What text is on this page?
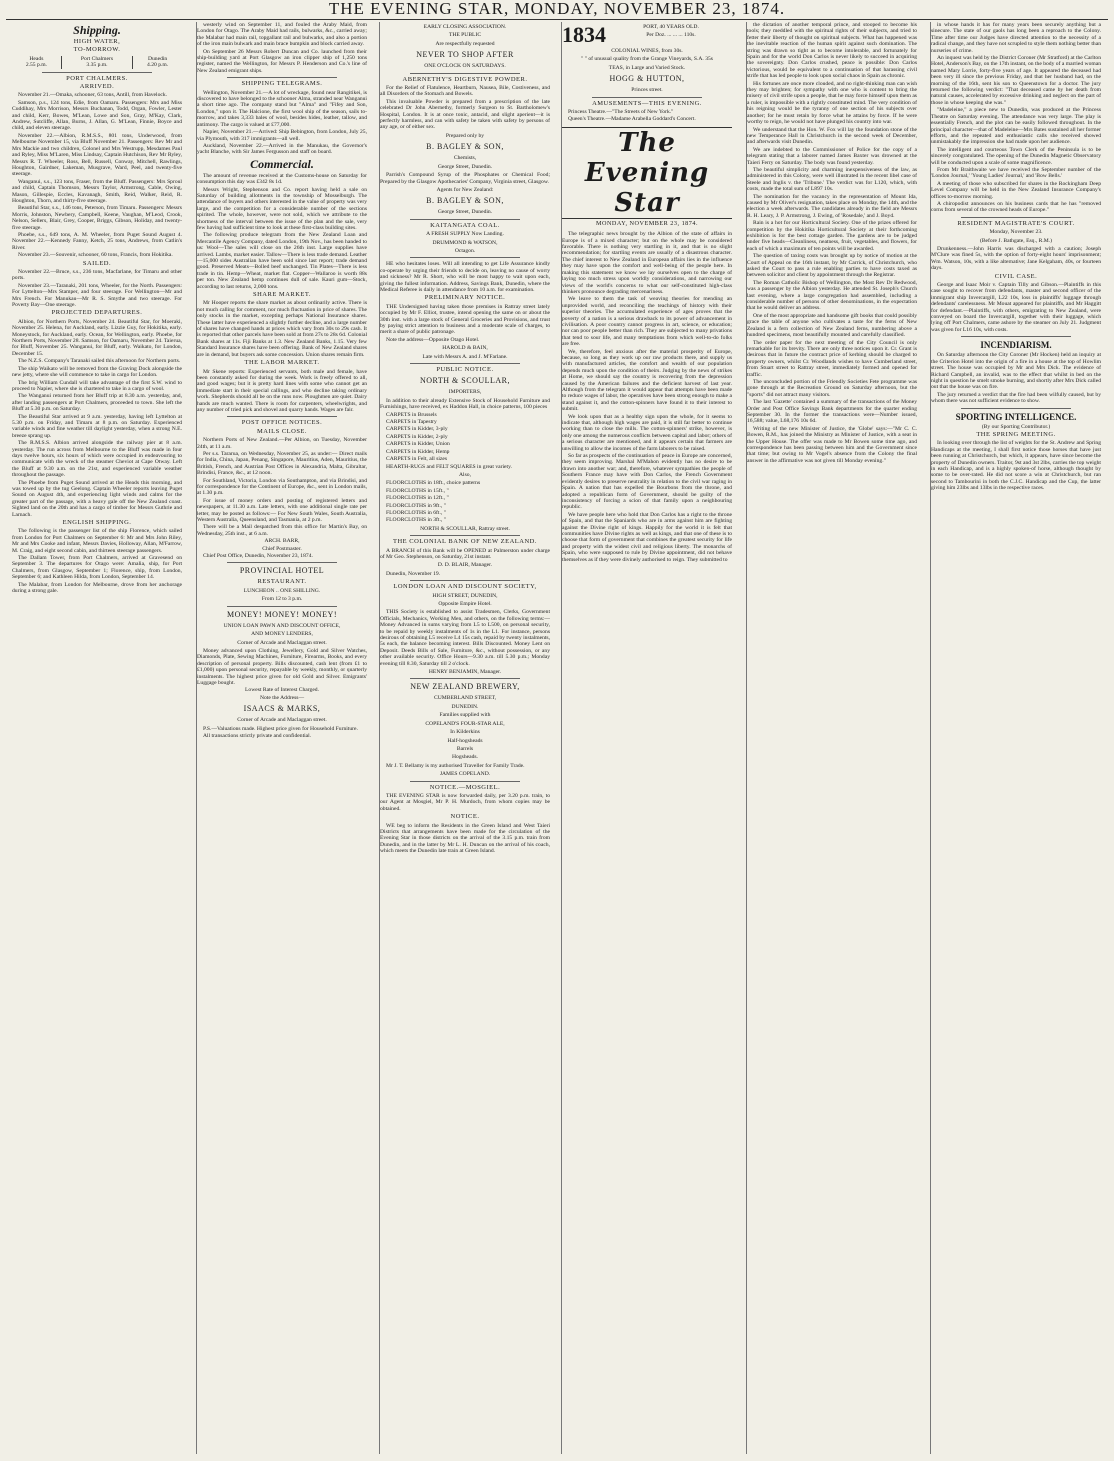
THE EVENING STAR, MONDAY, NOVEMBER 23, 1874.
Shipping.
HIGH WATER,
TO-MORROW.
Heads	Port Chalmers	Dunedin
2.55 p.m.	3.35 p.m.	4.20 p.m.
PORT CHALMERS.
ARRIVED.

November 21.—Omaka, schooner, 63 tons, Antill, from Havelock.

Samson, p.s., 124 tons, Edie, from Oamaru. Passengers: Mrs and Miss Cuddihay, Mrs Morrison, Messrs Buchanan, Todd, Organ, Fowler, Lester and child, Kerr, Bowes, M'Lean, Lowe and Son, Gray, M'Kay, Clark, Andrew, Sutcliffe, Allan, Burns, J. Allan, G. M'Lean, Finnie, Boyce and child, and eleven steerage.

November 22.—Albion, R.M.S.S., 801 tons, Underwood, from Melbourne November 15, via Bluff November 21. Passengers: Rev Mr and Mrs Mackie and two children, Colonel and Mrs Westrupp, Mesdames Paul and Ryley, Miss M'Laren, Miss Lindsay, Captain Hutchison, Rev Mr Ryley, Messrs R. T. Wheeler, Ross, Bell, Russell, Conway, Mitchell, Rawlings, Houghton, Gairdner, Lakeman, Musgrave, Ward, Peel, and twenty-five steerage.

Wanganui, s.s., 123 tons, Fraser, from the Bluff. Passengers: Mrs Sproul and child, Captain Thomson, Messrs Taylor, Armstrong, Cable, Owing, Mason, Gillespie, Eccles, Kavanagh, Smith, Reid, Walker, Reid, R. Houghton, Thorn, and thirty-five steerage.

Beautiful Star, s.s., 146 tons, Peterson, from Timaru. Passengers: Messrs Morris, Johnston, Newbery, Campbell, Keene, Vaughan, M'Leod, Crook, Nelson, Sellers, Blair, Grey, Cooper, Briggs, Gibson, Holiday, and twenty-five steerage.

Phoebe, s.s., 649 tons, A. M. Wheeler, from Puget Sound August 4. November 22.—Kennedy Fanny, Ketch, 25 tons, Andrews, from Catlin's River.

November 23.—Souvenir, schooner, 60 tons, Francis, from Hokitika.

SAILED.

November 22.—Bruce, s.s., 236 tons, Macfarlane, for Timaru and other ports.

November 23.—Taranaki, 201 tons, Wheeler, for the North. Passengers: For Lyttelton—Mrs Stamper, and four steerage. For Wellington—Mr and Mrs French. For Manukau—Mr R. S. Smythe and two steerage. For Poverty Bay—One steerage.

PROJECTED DEPARTURES.

Albion, for Northern Ports, November 24. Beautiful Star, for Moeraki, November 25. Helena, for Auckland, early. Lizzie Guy, for Hokitika, early. Moneystock, for Auckland, early. Ocean, for Wellington, early. Phoebe, for Northern Ports, November 28. Samson, for Oamaru, November 24. Taierua, for Bluff, November 25. Wanganui, for Bluff, early. Waikato, for London, December 15.

The N.Z.S. Company's Taranaki sailed this afternoon for Northern ports.

The ship Waikato will be removed from the Graving Dock alongside the new jetty, where she will commence to take in cargo for London.

The brig William Cundall will take advantage of the first S.W. wind to proceed to Napier, where she is chartered to take in a cargo of wool.

The Wanganui returned from her Bluff trip at 8.30 a.m. yesterday, and, after landing passengers at Port Chalmers, proceeded to town. She left the Bluff at 5.30 p.m. on Saturday.

The Beautiful Star arrived at 9 a.m. yesterday, having left Lyttelton at 5.30 p.m. on Friday, and Timaru at 8 p.m. on Saturday. Experienced variable winds and fine weather till daylight yesterday, when a strong N.E. breeze sprang up.

The R.M.S.S. Albion arrived alongside the railway pier at 8 a.m. yesterday. The run across from Melbourne to the Bluff was made in four days twelve hours, six hours of which were occupied in endeavouring to communicate with the wreck of the steamer Cheviot at Cape Otway. Left the Bluff at 9.30 a.m. on the 21st, and experienced variable weather throughout the passage.

The Phoebe from Puget Sound arrived at the Heads this morning, and was towed up by the tug Geelong. Captain Wheeler reports leaving Puget Sound on August 4th, and experiencing light winds and calms for the greater part of the passage, with a heavy gale off the New Zealand coast. Sighted land on the 20th and has a cargo of timber for Messrs Guthrie and Larnach.

ENGLISH SHIPPING.

The following is the passenger list of the ship Florence, which sailed from London for Port Chalmers on September 6: Mr and Mrs John Riley, Mr and Mrs Cooke and infant, Messrs Davies, Holloway, Allan, M'Farrow, M. Craig, and eight second cabin, and thirteen steerage passengers.

The Dallam Tower, from Port Chalmers, arrived at Gravesend on September 3. The departures for Otago were: Amalia, ship, for Port Chalmers, from Glasgow, September 1; Florence, ship, from London, September 6; and Kathleen Hilda, from London, September 14.

The Malabar, from London for Melbourne, drove from her anchorage during a strong gale.

westerly wind on September 11, and fouled the Araby Maid, from London for Otago. The Araby Maid had rails, bulwarks, &c., carried away; the Malabar had main rail, topgallant rail and bulwarks, and also a portion of the iron main bulwark and main brace bumpkin and block carried away.

On September 26 Messrs Robert Duncan and Co. launched from their ship-building yard at Port Glasgow an iron clipper ship of 1,250 tons register, named the Wellington, for Messrs P. Henderson and Co.'s line of New Zealand emigrant ships.

SHIPPING TELEGRAMS.

Wellington, November 21.—A lot of wreckage, found near Rangitikei, is discovered to have belonged to the schooner Alma, stranded near Wanganui a short time ago. The company stand but "Alma" and "Fifey and Son, London," upon it. The Halcione, the first wool ship of the season, sails to-morrow, and takes 3,333 bales of wool, besides hides, leather, tallow, and antimony. The cargo is valued at £77,000.

Napier, November 21.—Arrived: Ship Bebington, from London, July 25, via Plymouth, with 317 immigrants—all well.

Auckland, November 22.—Arrived in the Manukau, the Governor's yacht Blanche, with Sir James Fergusson and staff on board.

Commercial.

The amount of revenue received at the Customs-house on Saturday for consumption this day was £342 8s 1d.

Messrs Wright, Stephenson and Co. report having held a sale on Saturday of building allotments in the township of Mosselburgh. The attendance of buyers and others interested in the value of property was very large, and the competition for a considerable number of the sections spirited. The whole, however, were not sold, which we attribute to the shortness of the interval between the issue of the plan and the sale, very few having had sufficient time to look at these first-class building sites.

The following produce telegram from the New Zealand Loan and Mercantile Agency Company, dated London, 19th Nov., has been handed to us: Wool—The sales will close on the 26th inst. Large supplies have arrived. Lambs, market easier. Tallow—There is less trade demand. Leather—15,000 sides Australian have been sold since last report; trade demand good. Preserved Meats—Bolled beef unchanged. Tin Plates—There is less trade in tin. Hemp—Wheat, market flat. Copper—Wallaroo is worth 88s per ton. New Zealand hemp continues dull of sale. Kauri gum—Stock, according to last returns, 2,000 tons.

SHARE MARKET.

Mr Hooper reports the share market as about ordinarily active. There is not much calling for comment, nor much fluctuation in price of shares. The only stocks in the market, excepting perhaps National Insurance shares. These latter have experienced a slightly further decline, and a large number of shares have changed hands at prices which vary from 30s to 29s cash. It is reported that other parcels have been sold at from 27s to 28s 6d. Colonial Bank shares at 11s. Fiji Banks at 1.3. New Zealand Banks, 1.15. Very few Standard Insurance shares have been offering. Bank of New Zealand shares are in demand, but buyers ask some concession. Union shares remain firm.

THE LABOR MARKET.

Mr Skene reports: Experienced servants, both male and female, have been constantly asked for during the week. Work is freely offered to all, and good wages; but it is pretty hard lines with some who cannot get an immediate start in their special callings, and who decline taking ordinary work. Shepherds should all be on the runs now. Ploughmen are quiet. Dairy hands are much wanted. There is room for carpenters, wheelwrights, and any number of tried pick and shovel and quarry hands. Wages are fair.

POST OFFICE NOTICES.
MAILS CLOSE.

Northern Ports of New Zealand.—Per Albion, on Tuesday, November 24th, at 11 a.m.

Per s.s. Tararua, on Wednesday, November 25, as under:— Direct mails for India, China, Japan, Penang, Singapore, Mauritius, Aden, Mauritius, the British, French, and Austrian Post Offices in Alexandria, Malta, Gibraltar, Brindisi, France, &c., at 12 noon.

For Southland, Victoria, London via Southampton, and via Brindisi, and for correspondence for the Continent of Europe, &c., sent in London mails, at 1.30 p.m.

For issue of money orders and posting of registered letters and newspapers, at 11.30 a.m. Late letters, with one additional single rate per letter, may be posted as follows:— For New South Wales, South Australia, Western Australia, Queensland, and Tasmania, at 2 p.m.

There will be a Mail despatched from this office for Martin's Bay, on Wednesday, 25th inst., at 6 a.m.

ARCH. BARR,

Chief Postmaster.

Chief Post Office, Dunedin, November 23, 1874.

PROVINCIAL HOTEL
RESTAURANT.
LUNCHEON .. ONE SHILLING.
From 12 to 3 p.m.
MONEY! MONEY! MONEY!
UNION LOAN PAWN AND DISCOUNT OFFICE,
AND MONEY LENDERS,
Corner of Arcade and Maclaggan street.

Money advanced upon Clothing, Jewellery, Gold and Silver Watches, Diamonds, Plate, Sewing Machines, Furniture, Firearms, Books, and every description of personal property. Bills discounted, cash lent (from £1 to £1,000) upon personal security, repayable by weekly, monthly, or quarterly instalments. The highest price given for old Gold and Silver. Emigrants' Luggage bought.

Lowest Rate of Interest Charged.

Note the Address—

ISAACS & MARKS,
Corner of Arcade and Maclaggan street.

P.S.—Valuations made. Highest price given for Household Furniture.

All transactions strictly private and confidential.

EARLY CLOSING ASSOCIATION.
THE PUBLIC
Are respectfully requested
NEVER TO SHOP AFTER
ONE O'CLOCK ON SATURDAYS.
ABERNETHY'S DIGESTIVE POWDER.

For the Relief of Flatulence, Heartburn, Nausea, Bile, Costiveness, and all Disorders of the Stomach and Bowels.

This invaluable Powder is prepared from a prescription of the late celebrated Dr John Abernethy, formerly Surgeon to St. Bartholomew's Hospital, London. It is at once tonic, antacid, and slight aperient—it is perfectly harmless, and can with safety be taken with safety by persons of any age, or of either sex.

Prepared only by
B. BAGLEY & SON,
Chemists,
George Street, Dunedin.

Parrish's Compound Syrup of the Phosphates or Chemical Food; Prepared by the Glasgow Apothecaries' Company, Virginia street, Glasgow.

Agents for New Zealand:
B. BAGLEY & SON,
George Street, Dunedin.
KAITANGATA COAL.
A FRESH SUPPLY Now Landing.
DRUMMOND & WATSON,
Octagon.

HE who hesitates loses. Will all intending to get Life Assurance kindly co-operate by urging their friends to decide on, leaving no cause of worry and sickness? Mr R. Short, who will be most happy to wait upon each, giving the fullest information. Address, Savings Bank, Dunedin, where the Medical Referee is daily in attendance from 10 a.m. for examination.

PRELIMINARY NOTICE.

THE Undersigned having taken those premises in Rattray street lately occupied by Mr F. Elliot, trustee, intend opening the same on or about the 30th inst. with a large stock of General Groceries and Provisions, and trust by paying strict attention to business and a moderate scale of charges, to merit a share of public patronage.

Note the address—Opposite Otago Hotel.

HAROLD & BAIN,
Late with Messrs A. and J. M'Farlane.
PUBLIC NOTICE.
NORTH & SCOULLAR,
IMPORTERS,

In addition to their already Extensive Stock of Household Furniture and Furnishings, have received, ex Haddon Hall, in choice patterns, 100 pieces

CARPETS in Brussels

CARPETS in Tapestry

CARPETS in Kidder, 3-ply

CARPETS in Kidder, 2-ply

CARPETS in Kidder, Union

CARPETS in Kidder, Hemp

CARPETS in Felt, all sizes

HEARTH-RUGS and FELT SQUARES in great variety.

Also,

FLOORCLOTHS in 18ft., choice patterns

FLOORCLOTHS in 15ft., "

FLOORCLOTHS in 12ft., "

FLOORCLOTHS in 9ft., "

FLOORCLOTHS in 6ft., "

FLOORCLOTHS in 3ft., "

NORTH & SCOULLAR, Rattray street.
THE COLONIAL BANK OF NEW ZEALAND.

A BRANCH of this Bank will be OPENED at Palmerston under charge of Mr Geo. Stephenson, on Saturday, 21st instant.

D. D. BLAIR, Manager.

Dunedin, November 19.

LONDON LOAN AND DISCOUNT SOCIETY,
HIGH STREET, DUNEDIN,
Opposite Empire Hotel.

THIS Society is established to assist Tradesmen, Clerks, Government Officials, Mechanics, Working Men, and others, on the following terms:— Money Advanced in sums varying from L5 to L500, on personal security, to be repaid by weekly instalments of 1s in the L1. For instance, persons desirous of obtaining L5 receive L4 15s cash, repaid by twenty instalments, 5s each, the balance becoming interest. Bills Discounted. Money Lent on Deposit. Deeds Bills of Sale, Furniture, &c., without possession, or any other available security. Office Hours—9.30 a.m. till 5.30 p.m.; Monday evening till 8.30, Saturday till 2 o'clock.

HENRY BENJAMIN, Manager.
NEW ZEALAND BREWERY,
CUMBERLAND STREET,
DUNEDIN.
Families supplied with
COPELAND'S FOUR-STAR ALE,
In Kilderkins
Half-hogsheads
Barrels
Hogsheads.

Mr J. T. Bellamy is my authorised Traveller for Family Trade.

JAMES COPELAND.
NOTICE.—MOSGIEL.

THE EVENING STAR is now forwarded daily, per 3.20 p.m. train, to our Agent at Mosgiel, Mr P. H. Murdoch, from whom copies may be obtained.

NOTICE.

WE beg to inform the Residents in the Green Island and West Taieri Districts that arrangements have been made for the circulation of the Evening Star in those districts on the arrival of the 3.15 p.m. train from Dunedin, and in the latter by Mr L. H. Duncan on the arrival of his coach, which meets the Dunedin late train at Green Island.

1834	PORT, 40 YEARS OLD.
Per Doz. ... ... ... 110s.
COLONIAL WINES, from 30s.
" " of unusual quality from the Grange Vineyards, S.A. 35s
TEAS, in Large and Varied Stock.
HOGG & HUTTON,
Princes street.
AMUSEMENTS—THIS EVENING.

Princess Theatre.—"The Streets of New York."

Queen's Theatre.—Madame Arabella Goddard's Concert.

The Evening Star
MONDAY, NOVEMBER 23, 1874.

The telegraphic news brought by the Albion of the state of affairs in Europe is of a mixed character; but on the whole may be considered favorable. There is nothing very startling in it, and that is no slight recommendation; for startling events are usually of a disastrous character. The chief interest to New Zealand in European affairs lies in the influence they may have upon the comfort and well-being of the people here. In making this statement we know we lay ourselves open to the charge of laying too much stress upon worldly considerations, and narrowing our views of the world's concerns to what our self-constituted high-class thinkers pronounce degrading mercenariness.

We leave to them the task of weaving theories for mending an unprovided world, and reconciling the teachings of history with their superior theories. The accumulated experience of ages proves that the poverty of a nation is a serious drawback to its power of advancement in civilisation. A poor country cannot progress in art, science, or education; nor can poor people better than rich. They are subjected to many privations that tend to sour life, and many temptations from which well-to-do folks are free.

We, therefore, feel anxious after the material prosperity of Europe, because, so long as they work up our raw products there, and supply us with manufactured articles, the comfort and wealth of our population depends much upon the condition of theirs. Judging by the news of strikes at Home, we should say the country is recovering from the depression caused by the American failures and the deficient harvest of last year. Although from the telegram it would appear that attempts have been made to reduce wages of labor, the operatives have been strong enough to make a stand against it, and the cotton-spinners have found it to their interest to submit.

We look upon that as a healthy sign upon the whole, for it seems to indicate that, although high wages are paid, it is still far better to continue working than to close the mills. The cotton-spinners' strike, however, is only one among the numerous conflicts between capital and labor; others of a serious character are mentioned, and it appears certain that farmers are unwilling to allow the incomes of the farm laborers to be raised.

So far as prospects of the continuation of peace in Europe are concerned, they seem improving. Marshal M'Mahon evidently has no desire to be drawn into another war; and, therefore, whatever sympathies the people of Southern France may have with Don Carlos, the French Government evidently desires to preserve neutrality in relation to the civil war raging in Spain. A nation that has expelled the Bourbons from the throne, and adopted a republican form of Government, should be guilty of the inconsistency of forcing a scion of that family upon a neighbouring republic.

We have people here who hold that Don Carlos has a right to the throne of Spain, and that the Spaniards who are in arms against him are fighting against the Divine right of kings. Happily for the world it is felt that communities have Divine rights as well as kings, and that one of these is to choose that form of government that combines the greatest security for life and property with the widest civil and religious liberty. The monarchs of Spain, who were supposed to rule by Divine appointment, did not behave themselves as if they were divinely authorised to reign. They submitted to

the dictation of another temporal prince, and stooped to become his tools; they meddled with the spiritual rights of their subjects, and tried to fetter their liberty of thought on spiritual subjects. What has happened was the inevitable reaction of the human spirit against such domination. The string was drawn so tight as to become intolerable, and fortunately for Spain and for the world Don Carlos is never likely to succeed in acquiring the sovereignty. Don Carlos crushed, peace is possible: Don Carlos victorious, would be equivalent to a continuation of that harassing civil strife that has led people to look upon social chaos in Spain as chronic.

His fortunes are once more clouded, and no right-thinking man can wish they may brighten; for sympathy with one who is content to bring the misery of civil strife upon a people, that he may force himself upon them as a ruler, is impossible with a rightly constituted mind. The very condition of his reigning would be the tyranny of one section of his subjects over another; for he must retain by force what he attains by force. If he were worthy to reign, he would not have plunged his country into war.

We understand that the Hon. W. Fox will lay the foundation stone of the new Temperance Hall in Christchurch in the second week of December, and afterwards visit Dunedin.

We are indebted to the Commissioner of Police for the copy of a telegram stating that a laborer named James Baxter was drowned at the Taieri Ferry on Saturday. The body was found yesterday.

The beautiful simplicity and charming inexpensiveness of the law, as administered in this Colony, were well illustrated in the recent libel case of Steele and Inglis v. the 'Tribune.' The verdict was for L120, which, with costs, made the total sum of L897 10s.

The nomination for the vacancy in the representation of Mount Ida, caused by Mr Oliver's resignation, takes place on Monday, the 14th, and the election a week afterwards. The candidates already in the field are Messrs R. H. Leary, J. P. Armstrong, J. Ewing, of 'Rosedale,' and J. Boyd.

Rain is a hot for our Horticultural Society. One of the prizes offered for competition by the Hokitika Horticultural Society at their forthcoming exhibition is for the best cottage garden. The gardens are to be judged under five heads—Cleanliness, neatness, fruit, vegetables, and flowers, for each of which a maximum of ten points will be awarded.

The question of taxing costs was brought up by notice of motion at the Court of Appeal on the 16th instant, by Mr Carrick, of Christchurch, who asked the Court to pass a rule enabling parties to have costs taxed as between solicitor and client by appointment through the Registrar.

The Roman Catholic Bishop of Wellington, the Most Rev Dr Redwood, was a passenger by the Albion yesterday. He attended St. Joseph's Church last evening, where a large congregation had assembled, including a considerable number of persons of other denominations, in the expectation that he would deliver an address.

One of the most appropriate and handsome gift books that could possibly grace the table of anyone who cultivates a taste for the ferns of New Zealand is a fern collection of New Zealand ferns, numbering above a hundred specimens, most beautifully mounted and carefully classified.

The order paper for the next meeting of the City Council is only remarkable for its brevity. There are only three notices upon it. Cr. Grant is desirous that in future the contract price of kerbing should be charged to property owners, whilst Cr. Woodlands wishes to have Cumberland street, from Stuart street to Rattray street, immediately formed and opened for traffic.

The unconcluded portion of the Friendly Societies Fete programme was gone through at the Recreation Ground on Saturday afternoon, but the "sports" did not attract many visitors.

The last 'Gazette' contained a summary of the transactions of the Money Order and Post Office Savings Bank departments for the quarter ending September 30. In the former the transactions were—Number issued, 16,588; value, L68,176 10s 6d.

Writing of the new Minister of Justice, the 'Globe' says:—"Mr C. C. Bowen, R.M., has joined the Ministry as Minister of Justice, with a seat in the Upper House. The offer was made to Mr Bowen some time ago, and correspondence has been passing between him and the Government since that time; but owing to Mr Vogel's absence from the Colony the final answer in the affirmative was not given till Monday evening."

in whose hands it has for many years been securely anything but a sinecure. The state of our gaols has long been a reproach to the Colony. Time after time our Judges have directed attention to the necessity of a radical change, and they have not scrupled to style them nothing better than nurseries of crime.

An inquest was held by the District Coroner (Mr Stratford) at the Carlton Hotel, Anderson's Bay, on the 17th instant, on the body of a married woman named Mary Lorrie, forty-five years of age. It appeared the deceased had been very ill since the previous Friday, and that her husband had, on the morning of the 16th, sent his son to Queenstown for a doctor. The jury returned the following verdict: "That deceased came by her death from natural causes, accelerated by excessive drinking and neglect on the part of those in whose keeping she was."

"Madeleine," a piece new to Dunedin, was produced at the Princess Theatre on Saturday evening. The attendance was very large. The play is essentially French, and the plot can be easily followed throughout. In the principal character—that of Madeleine—Mrs Bates sustained all her former efforts, and the repeated and enthusiastic calls she received showed unmistakably the impression she had made upon her audience.

The intelligent and courteous Town Clerk of the Peninsula is to be sincerely congratulated. The opening of the Dunedin Magnetic Observatory will be conducted upon a scale of some magnificence.

From Mr Braithwaite we have received the September number of the 'London Journal,' 'Young Ladies' Journal,' and 'Bow Bells.'

A meeting of those who subscribed for shares in the Rockingham Deep Level Company will be held in the New Zealand Insurance Company's offices to-morrow morning.

A chiropodist announces on his business cards that he has "removed corns from several of the crowned heads of Europe."

RESIDENT MAGISTRATE'S COURT.
Monday, November 23.
(Before J. Bathgate, Esq., R.M.)

Drunkenness.—John Harris was discharged with a caution; Joseph M'Clure was fined 5s, with the option of forty-eight hours' imprisonment; Wm. Watson, 10s, with a like alternative; Jane Kelgaham, 40s, or fourteen days.

CIVIL CASE.

George and Isaac Moir v. Captain Tilly and Gibson.—Plaintiffs in this case sought to recover from defendants, master and second officer of the immigrant ship Invercargill, L22 10s, loss in plaintiffs' luggage through defendants' carelessness. Mr Mouat appeared for plaintiffs, and Mr Haggitt for defendant.—Plaintiffs, with others, emigrating to New Zealand, were conveyed on board the Invercargill, together with their luggage, which lying off Port Chalmers, came ashore by the steamer on July 21. Judgment was given for L16 10s, with costs.

INCENDIARISM.

On Saturday afternoon the City Coroner (Mr Hocken) held an inquiry at the Criterion Hotel into the origin of a fire in a house at the top of Howlim street. The house was occupied by Mr and Mrs Dick. The evidence of Richard Campbell, an invalid, was to the effect that whilst in bed on the night in question he smelt smoke burning, and shortly after Mrs Dick called out that the house was on fire.

The jury returned a verdict that the fire had been wilfully caused, but by whom there was not sufficient evidence to show.

SPORTING INTELLIGENCE.
(By our Sporting Contributor.)
THE SPRING MEETING.

In looking over through the list of weights for the St. Andrew and Spring Handicaps at the meeting, I shall first notice those horses that have just been running at Christchurch, but which, it appears, have since become the property of Dunedin owners. Traitor, 9st and 3st 2lbs, carries the top weight in each Handicap, and is a highly spoken-of horse, although thought by some to be over-rated. He did not score a win at Christchurch, but ran second to Tambourini in both the C.J.C. Handicap and the Cup, the latter giving him 23lbs and 13lbs in the respective races.
